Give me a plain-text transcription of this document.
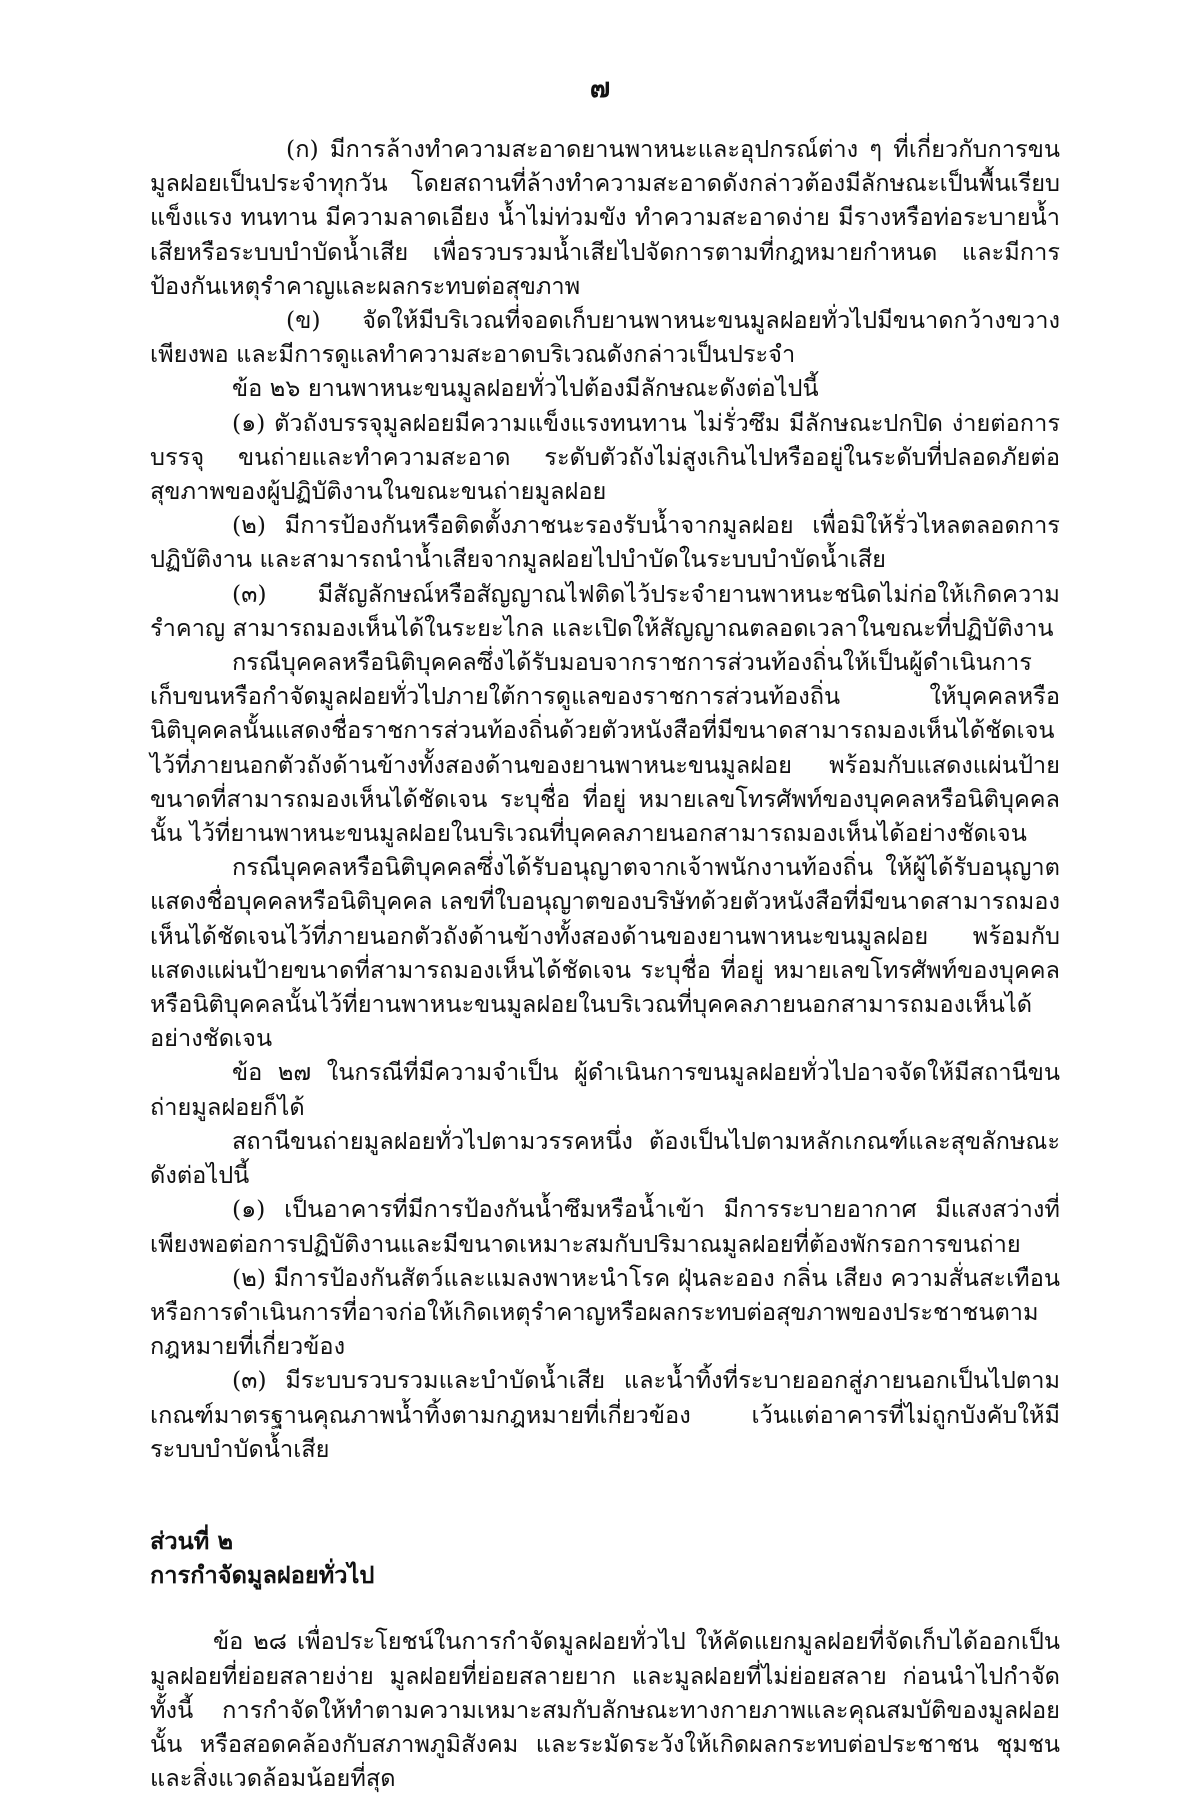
๗

(ก) มีการล้างทำความสะอาดยานพาหนะและอุปกรณ์ต่าง ๆ ที่เกี่ยวกับการขนมูลฝอยเป็นประจำทุกวัน โดยสถานที่ล้างทำความสะอาดดังกล่าวต้องมีลักษณะเป็นพื้นเรียบ แข็งแรง ทนทาน มีความลาดเอียง น้ำไม่ท่วมขัง ทำความสะอาดง่าย มีรางหรือท่อระบายน้ำเสียหรือระบบบำบัดน้ำเสีย เพื่อรวบรวมน้ำเสียไปจัดการตามที่กฎหมายกำหนด และมีการป้องกันเหตุรำคาญและผลกระทบต่อสุขภาพ

(ข) จัดให้มีบริเวณที่จอดเก็บยานพาหนะขนมูลฝอยทั่วไปมีขนาดกว้างขวางเพียงพอ และมีการดูแลทำความสะอาดบริเวณดังกล่าวเป็นประจำ

ข้อ ๒๖ ยานพาหนะขนมูลฝอยทั่วไปต้องมีลักษณะดังต่อไปนี้

(๑) ตัวถังบรรจุมูลฝอยมีความแข็งแรงทนทาน ไม่รั่วซึม มีลักษณะปกปิด ง่ายต่อการบรรจุ ขนถ่ายและทำความสะอาด ระดับตัวถังไม่สูงเกินไปหรืออยู่ในระดับที่ปลอดภัยต่อสุขภาพของผู้ปฏิบัติงานในขณะขนถ่ายมูลฝอย

(๒) มีการป้องกันหรือติดตั้งภาชนะรองรับน้ำจากมูลฝอย เพื่อมิให้รั่วไหลตลอดการปฏิบัติงาน และสามารถนำน้ำเสียจากมูลฝอยไปบำบัดในระบบบำบัดน้ำเสีย

(๓) มีสัญลักษณ์หรือสัญญาณไฟติดไว้ประจำยานพาหนะชนิดไม่ก่อให้เกิดความรำคาญ สามารถมองเห็นได้ในระยะไกล และเปิดให้สัญญาณตลอดเวลาในขณะที่ปฏิบัติงาน

กรณีบุคคลหรือนิติบุคคลซึ่งได้รับมอบจากราชการส่วนท้องถิ่นให้เป็นผู้ดำเนินการเก็บขนหรือกำจัดมูลฝอยทั่วไปภายใต้การดูแลของราชการส่วนท้องถิ่น ให้บุคคลหรือนิติบุคคลนั้นแสดงชื่อราชการส่วนท้องถิ่นด้วยตัวหนังสือที่มีขนาดสามารถมองเห็นได้ชัดเจนไว้ที่ภายนอกตัวถังด้านข้างทั้งสองด้านของยานพาหนะขนมูลฝอย พร้อมกับแสดงแผ่นป้ายขนาดที่สามารถมองเห็นได้ชัดเจน ระบุชื่อ ที่อยู่ หมายเลขโทรศัพท์ของบุคคลหรือนิติบุคคลนั้น ไว้ที่ยานพาหนะขนมูลฝอยในบริเวณที่บุคคลภายนอกสามารถมองเห็นได้อย่างชัดเจน

กรณีบุคคลหรือนิติบุคคลซึ่งได้รับอนุญาตจากเจ้าพนักงานท้องถิ่น ให้ผู้ได้รับอนุญาตแสดงชื่อบุคคลหรือนิติบุคคล เลขที่ใบอนุญาตของบริษัทด้วยตัวหนังสือที่มีขนาดสามารถมองเห็นได้ชัดเจนไว้ที่ภายนอกตัวถังด้านข้างทั้งสองด้านของยานพาหนะขนมูลฝอย พร้อมกับแสดงแผ่นป้ายขนาดที่สามารถมองเห็นได้ชัดเจน ระบุชื่อ ที่อยู่ หมายเลขโทรศัพท์ของบุคคลหรือนิติบุคคลนั้นไว้ที่ยานพาหนะขนมูลฝอยในบริเวณที่บุคคลภายนอกสามารถมองเห็นได้อย่างชัดเจน

ข้อ ๒๗ ในกรณีที่มีความจำเป็น ผู้ดำเนินการขนมูลฝอยทั่วไปอาจจัดให้มีสถานีขนถ่ายมูลฝอยก็ได้

สถานีขนถ่ายมูลฝอยทั่วไปตามวรรคหนึ่ง ต้องเป็นไปตามหลักเกณฑ์และสุขลักษณะดังต่อไปนี้

(๑) เป็นอาคารที่มีการป้องกันน้ำซึมหรือน้ำเข้า มีการระบายอากาศ มีแสงสว่างที่เพียงพอต่อการปฏิบัติงานและมีขนาดเหมาะสมกับปริมาณมูลฝอยที่ต้องพักรอการขนถ่าย

(๒) มีการป้องกันสัตว์และแมลงพาหะนำโรค ฝุ่นละออง กลิ่น เสียง ความสั่นสะเทือน หรือการดำเนินการที่อาจก่อให้เกิดเหตุรำคาญหรือผลกระทบต่อสุขภาพของประชาชนตามกฎหมายที่เกี่ยวข้อง

(๓) มีระบบรวบรวมและบำบัดน้ำเสีย และน้ำทิ้งที่ระบายออกสู่ภายนอกเป็นไปตามเกณฑ์มาตรฐานคุณภาพน้ำทิ้งตามกฎหมายที่เกี่ยวข้อง เว้นแต่อาคารที่ไม่ถูกบังคับให้มีระบบบำบัดน้ำเสีย

ส่วนที่ ๒

การกำจัดมูลฝอยทั่วไป

ข้อ ๒๘ เพื่อประโยชน์ในการกำจัดมูลฝอยทั่วไป ให้คัดแยกมูลฝอยที่จัดเก็บได้ออกเป็น มูลฝอยที่ย่อยสลายง่าย มูลฝอยที่ย่อยสลายยาก และมูลฝอยที่ไม่ย่อยสลาย ก่อนนำไปกำจัด ทั้งนี้ การกำจัดให้ทำตามความเหมาะสมกับลักษณะทางกายภาพและคุณสมบัติของมูลฝอยนั้น หรือสอดคล้องกับสภาพภูมิสังคม และระมัดระวังให้เกิดผลกระทบต่อประชาชน ชุมชน และสิ่งแวดล้อมน้อยที่สุด
